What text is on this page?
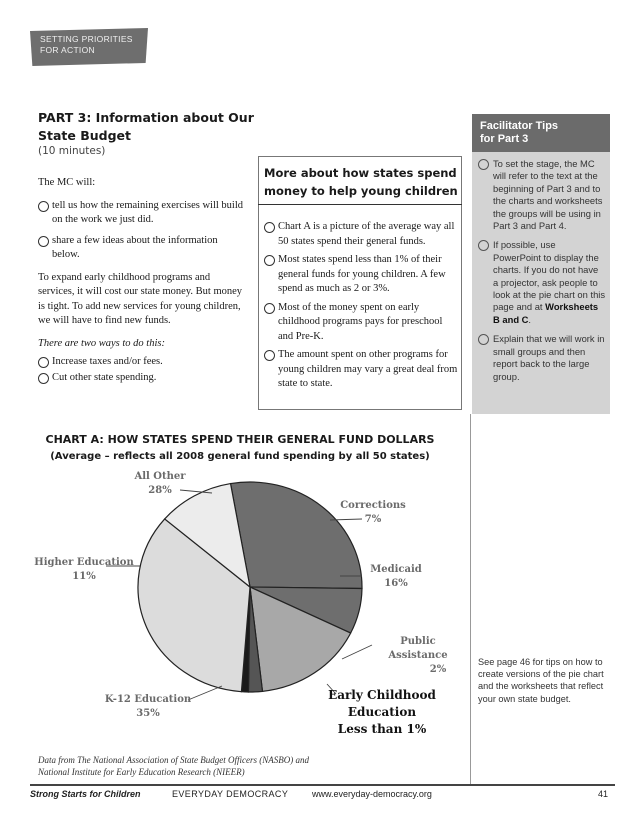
SETTING PRIORITIES
FOR ACTION
PART 3: Information about Our State Budget
(10 minutes)

The MC will:

tell us how the remaining exercises will build on the work we just did.
share a few ideas about the information below.

To expand early childhood programs and services, it will cost our state money. But money is tight. To add new services for young children, we will have to find new funds.

There are two ways to do this:

Increase taxes and/or fees.
Cut other state spending.
More about how states spend money to help young children
Chart A is a picture of the average way all 50 states spend their general funds.
Most states spend less than 1% of their general funds for young children. A few spend as much as 2 or 3%.
Most of the money spent on early childhood programs pays for preschool and Pre-K.
The amount spent on other programs for young children may vary a great deal from state to state.
Facilitator Tips
for Part 3
To set the stage, the MC will refer to the text at the beginning of Part 3 and to the charts and worksheets the groups will be using in Part 3 and Part 4.
If possible, use PowerPoint to display the charts. If you do not have a projector, ask people to look at the pie chart on this page and at Worksheets B and C.
Explain that we will work in small groups and then report back to the large group.
See page 46 for tips on how to create versions of the pie chart and the worksheets that reflect your own state budget.
CHART A: HOW STATES SPEND THEIR GENERAL FUND DOLLARS
(Average – reflects all 2008 general fund spending by all 50 states)
All Other
28%
Corrections
7%
Medicaid
16%
Public Assistance
2%
Early Childhood
Education
Less than 1%
K-12 Education
35%
Higher Education
11%
Data from The National Association of State Budget Officers (NASBO) and National Institute for Early Education Research (NIEER)
Strong Starts for Children	EVERYDAY DEMOCRACY	www.everyday-democracy.org	41
